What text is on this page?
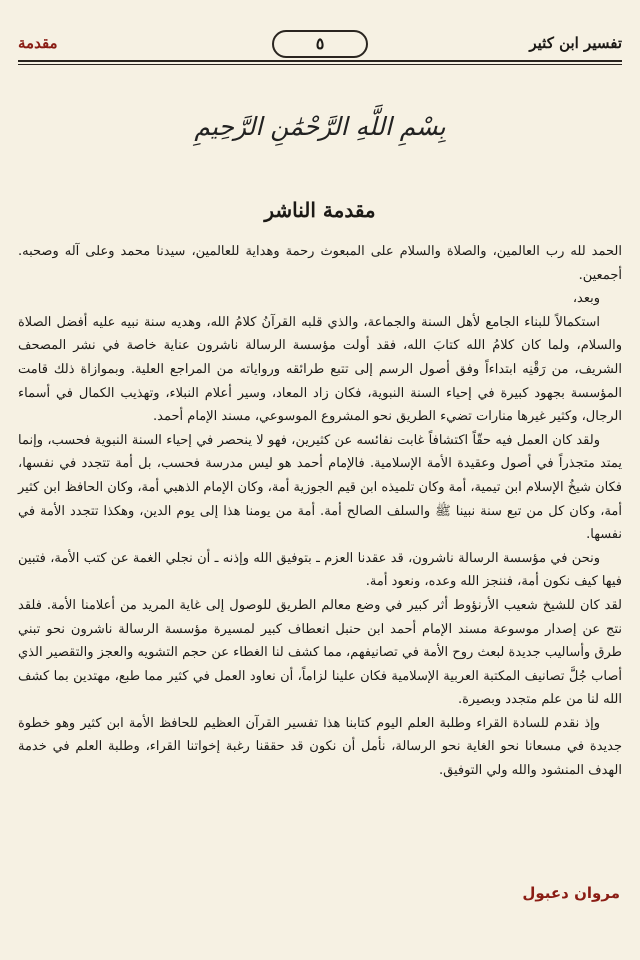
تفسير ابن كثير
٥
مقدمة
بِسْمِ اللَّهِ الرَّحْمَٰنِ الرَّحِيمِ
مقدمة الناشر

الحمد لله رب العالمين، والصلاة والسلام على المبعوث رحمة وهداية للعالمين، سيدنا محمد وعلى آله وصحبه. أجمعين.

وبعد،

استكمالاً للبناء الجامع لأهل السنة والجماعة، والذي قلبه القرآنُ كلامُ الله، وهديه سنة نبيه عليه أفضل الصلاة والسلام، ولما كان كلامُ الله كتابَ الله، فقد أولت مؤسسة الرسالة ناشرون عناية خاصة في نشر المصحف الشريف، من رَقْنِه ابتداءاً وفق أصول الرسم إلى تتبع طرائقه ورواياته من المراجع العلية. وبموازاة ذلك قامت المؤسسة بجهود كبيرة في إحياء السنة النبوية، فكان زاد المعاد، وسير أعلام النبلاء، وتهذيب الكمال في أسماء الرجال، وكثير غيرها منارات تضيء الطريق نحو المشروع الموسوعي، مسند الإمام أحمد.

ولقد كان العمل فيه حقّاً اكتشافاً غابت نفائسه عن كثيرين، فهو لا ينحصر في إحياء السنة النبوية فحسب، وإنما يمتد متجذراً في أصول وعقيدة الأمة الإسلامية. فالإمام أحمد هو ليس مدرسة فحسب، بل أمة تتجدد في نفسها، فكان شيخُ الإسلام ابن تيمية، أمة وكان تلميذه ابن قيم الجوزية أمة، وكان الإمام الذهبي أمة، وكان الحافظ ابن كثير أمة، وكان كل من تبع سنة نبينا ﷺ والسلف الصالح أمة. أمة من يومنا هذا إلى يوم الدين، وهكذا تتجدد الأمة في نفسها.

ونحن في مؤسسة الرسالة ناشرون، قد عقدنا العزم ـ بتوفيق الله وإذنه ـ أن نجلي الغمة عن كتب الأمة، فتبين فيها كيف نكون أمة، فننجز الله وعده، ونعود أمة.

لقد كان للشيخ شعيب الأرنؤوط أثر كبير في وضع معالم الطريق للوصول إلى غاية المريد من أعلامنا الأمة. فلقد نتج عن إصدار موسوعة مسند الإمام أحمد ابن حنبل انعطاف كبير لمسيرة مؤسسة الرسالة ناشرون نحو تبني طرق وأساليب جديدة لبعث روح الأمة في تصانيفهم، مما كشف لنا الغطاء عن حجم التشويه والعجز والتقصير الذي أصاب جُلَّ تصانيف المكتبة العربية الإسلامية فكان علينا لزاماً، أن نعاود العمل في كثير مما طبع، مهتدين بما كشف الله لنا من علم متجدد وبصيرة.

وإذ نقدم للسادة القراء وطلبة العلم اليوم كتابنا هذا تفسير القرآن العظيم للحافظ الأمة ابن كثير وهو خطوة جديدة في مسعانا نحو الغاية نحو الرسالة، نأمل أن نكون قد حققنا رغبة إخواتنا القراء، وطلبة العلم في خدمة الهدف المنشود والله ولي التوفيق.

مروان دعبول
